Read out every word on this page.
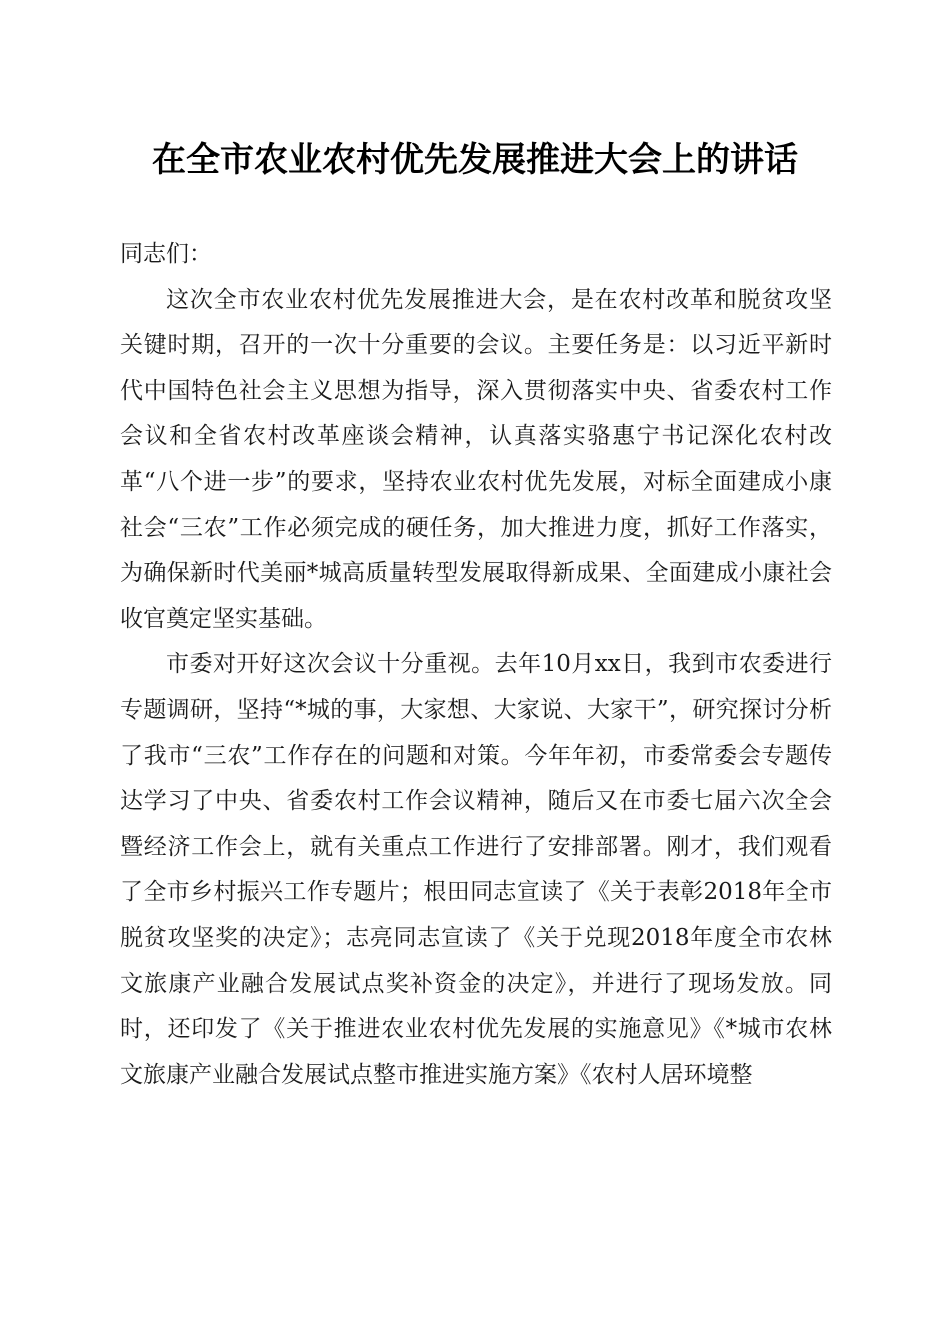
在全市农业农村优先发展推进大会上的讲话

同志们：

这次全市农业农村优先发展推进大会，是在农村改革和脱贫攻坚关键时期，召开的一次十分重要的会议。主要任务是：以习近平新时代中国特色社会主义思想为指导，深入贯彻落实中央、省委农村工作会议和全省农村改革座谈会精神，认真落实骆惠宁书记深化农村改革“八个进一步”的要求，坚持农业农村优先发展，对标全面建成小康社会“三农”工作必须完成的硬任务，加大推进力度，抓好工作落实，为确保新时代美丽*城高质量转型发展取得新成果、全面建成小康社会收官奠定坚实基础。

市委对开好这次会议十分重视。去年10月xx日，我到市农委进行专题调研，坚持“*城的事，大家想、大家说、大家干”，研究探讨分析了我市“三农”工作存在的问题和对策。今年年初，市委常委会专题传达学习了中央、省委农村工作会议精神，随后又在市委七届六次全会暨经济工作会上，就有关重点工作进行了安排部署。刚才，我们观看了全市乡村振兴工作专题片；根田同志宣读了《关于表彰2018年全市脱贫攻坚奖的决定》；志亮同志宣读了《关于兑现2018年度全市农林文旅康产业融合发展试点奖补资金的决定》，并进行了现场发放。同时，还印发了《关于推进农业农村优先发展的实施意见》《*城市农林文旅康产业融合发展试点整市推进实施方案》《农村人居环境整
